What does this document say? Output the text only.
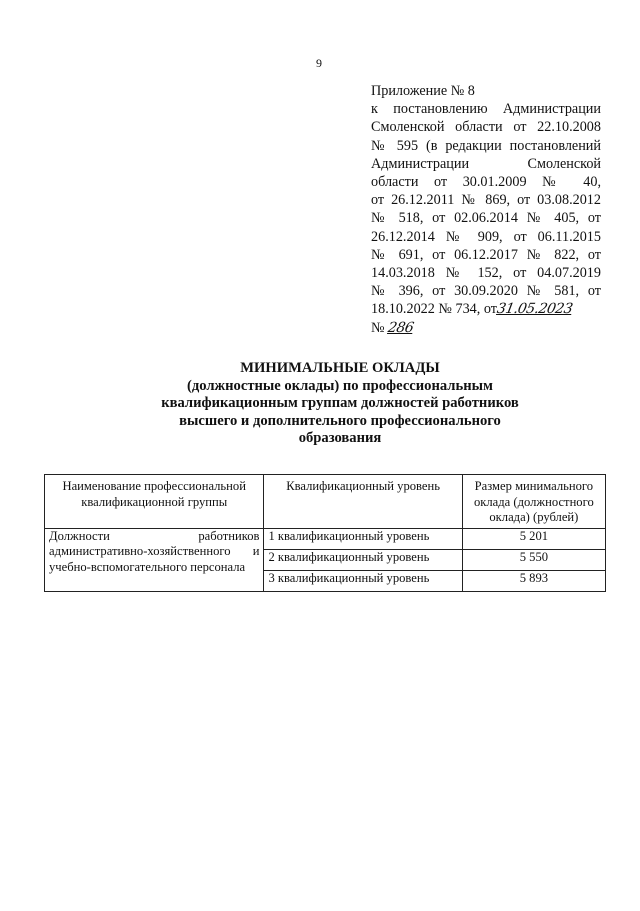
9
Приложение № 8
к постановлению Администрации
Смоленской области от 22.10.2008
№ 595 (в редакции постановлений
Администрации Смоленской
области от 30.01.2009 № 40,
от 26.12.2011 № 869, от 03.08.2012
№ 518, от 02.06.2014 № 405, от
26.12.2014 № 909, от 06.11.2015
№ 691, от 06.12.2017 № 822, от
14.03.2018 № 152, от 04.07.2019
№ 396, от 30.09.2020 № 581, от
18.10.2022 № 734, от31.05.2023
№ 286
МИНИМАЛЬНЫЕ ОКЛАДЫ
(должностные оклады) по профессиональным
квалификационным группам должностей работников
высшего и дополнительного профессионального
образования
Наименование профессиональной квалификационной группы	Квалификационный уровень	Размер минимального оклада (должностного оклада) (рублей)
Должности работников административно-хозяйственного и учебно-вспомогательного персонала	1 квалификационный уровень	5 201
	2 квалификационный уровень	5 550
	3 квалификационный уровень	5 893
